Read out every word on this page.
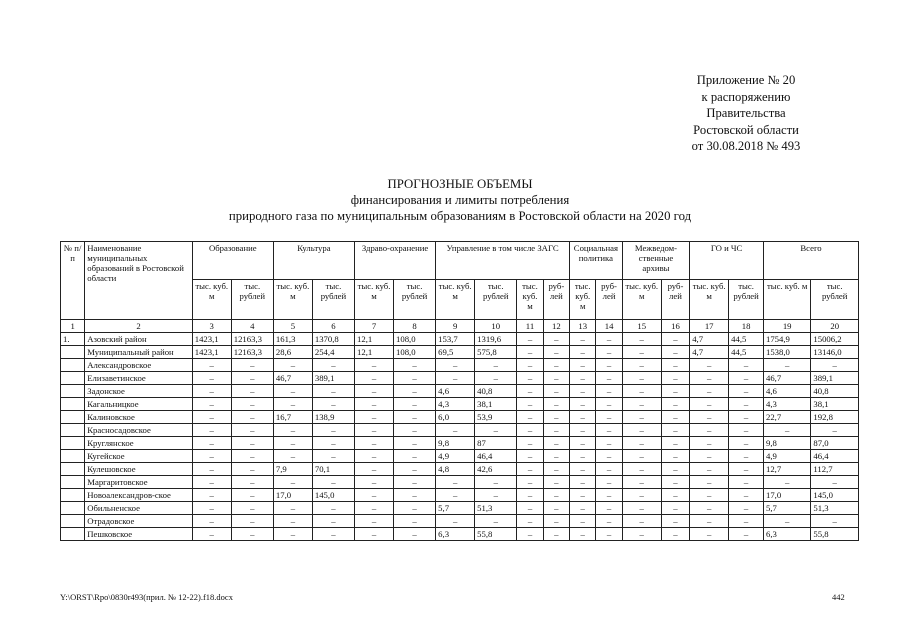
Приложение № 20
к распоряжению
Правительства
Ростовской области
от 30.08.2018 № 493
ПРОГНОЗНЫЕ ОБЪЕМЫ
финансирования и лимиты потребления
природного газа по муниципальным образованиям в Ростовской области на 2020 год
№ п/п	Наименование муниципальных образований в Ростовской области	Образование		Культура		Здраво-охранение		Управление в том числе ЗАГС				Социальная политика		Межведом-ственные архивы		ГО и ЧС		Всего	
		тыс. куб. м	тыс. рублей	тыс. куб. м	тыс. рублей	тыс. куб. м	тыс. рублей	тыс. куб. м	тыс. рублей	тыс. куб. м	руб-лей	тыс. куб. м	руб-лей	тыс. куб. м	руб-лей	тыс. куб. м	тыс. рублей	тыс. куб. м	тыс. рублей
1	2	3	4	5	6	7	8	9	10	11	12	13	14	15	16	17	18	19	20
1.	Азовский район	1423,1	12163,3	161,3	1370,8	12,1	108,0	153,7	1319,6	–	–	–	–	–	–	4,7	44,5	1754,9	15006,2
	Муниципальный район	1423,1	12163,3	28,6	254,4	12,1	108,0	69,5	575,8	–	–	–	–	–	–	4,7	44,5	1538,0	13146,0
	Александровское	–	–	–	–	–	–	–	–	–	–	–	–	–	–	–	–	–	–
	Елизаветинское	–	–	46,7	389,1	–	–	–	–	–	–	–	–	–	–	–	–	46,7	389,1
	Задонское	–	–	–	–	–	–	4,6	40,8	–	–	–	–	–	–	–	–	4,6	40,8
	Кагальницкое	–	–	–	–	–	–	4,3	38,1	–	–	–	–	–	–	–	–	4,3	38,1
	Калиновское	–	–	16,7	138,9	–	–	6,0	53,9	–	–	–	–	–	–	–	–	22,7	192,8
	Красносадовское	–	–	–	–	–	–	–	–	–	–	–	–	–	–	–	–	–	–
	Круглянское	–	–	–	–	–	–	9,8	87	–	–	–	–	–	–	–	–	9,8	87,0
	Кугейское	–	–	–	–	–	–	4,9	46,4	–	–	–	–	–	–	–	–	4,9	46,4
	Кулешовское	–	–	7,9	70,1	–	–	4,8	42,6	–	–	–	–	–	–	–	–	12,7	112,7
	Маргаритовское	–	–	–	–	–	–	–	–	–	–	–	–	–	–	–	–	–	–
	Новоалександров-ское	–	–	17,0	145,0	–	–	–	–	–	–	–	–	–	–	–	–	17,0	145,0
	Обильненское	–	–	–	–	–	–	5,7	51,3	–	–	–	–	–	–	–	–	5,7	51,3
	Отрадовское	–	–	–	–	–	–	–	–	–	–	–	–	–	–	–	–	–	–
	Пешковское	–	–	–	–	–	–	6,3	55,8	–	–	–	–	–	–	–	–	6,3	55,8
Y:\ORST\Rpo\0830r493(прил. № 12-22).f18.docx	442
